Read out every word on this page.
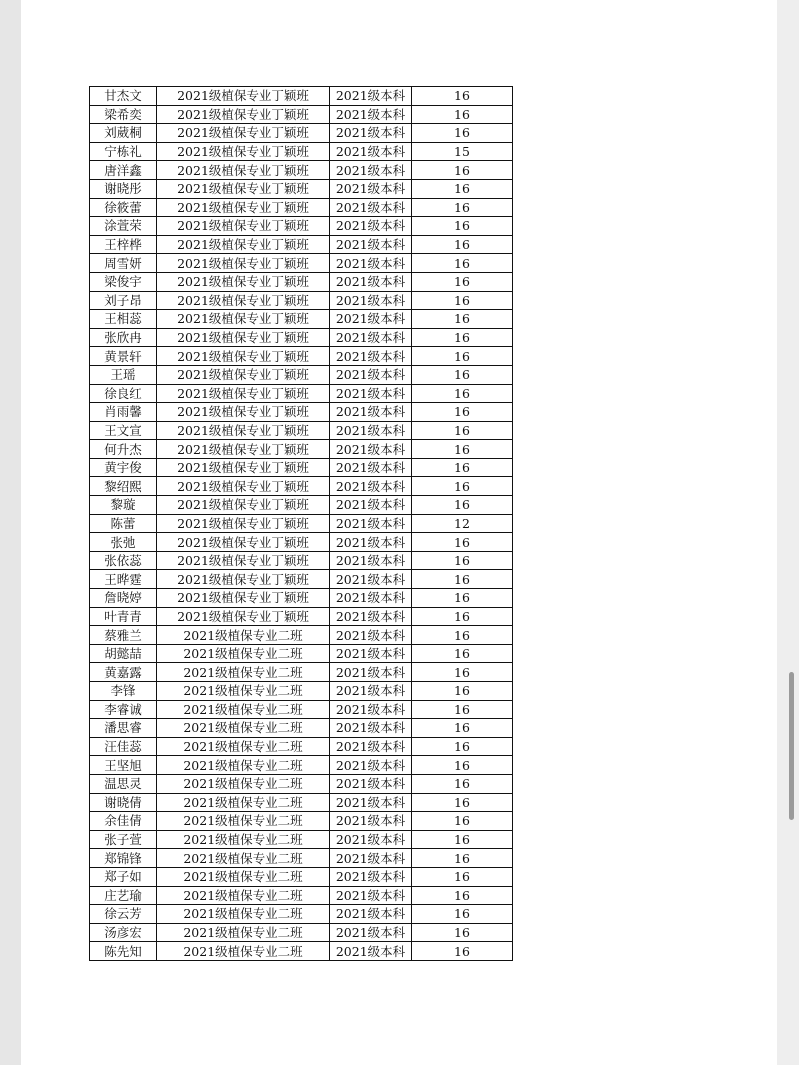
甘杰文	2021级植保专业丁颖班	2021级本科	16
梁希奕	2021级植保专业丁颖班	2021级本科	16
刘葳桐	2021级植保专业丁颖班	2021级本科	16
宁栋礼	2021级植保专业丁颖班	2021级本科	15
唐洋鑫	2021级植保专业丁颖班	2021级本科	16
谢晓彤	2021级植保专业丁颖班	2021级本科	16
徐筱蕾	2021级植保专业丁颖班	2021级本科	16
涂萱荣	2021级植保专业丁颖班	2021级本科	16
王梓桦	2021级植保专业丁颖班	2021级本科	16
周雪妍	2021级植保专业丁颖班	2021级本科	16
梁俊宇	2021级植保专业丁颖班	2021级本科	16
刘子昂	2021级植保专业丁颖班	2021级本科	16
王相蕊	2021级植保专业丁颖班	2021级本科	16
张欣冉	2021级植保专业丁颖班	2021级本科	16
黄景轩	2021级植保专业丁颖班	2021级本科	16
王瑶	2021级植保专业丁颖班	2021级本科	16
徐良红	2021级植保专业丁颖班	2021级本科	16
肖雨馨	2021级植保专业丁颖班	2021级本科	16
王文宣	2021级植保专业丁颖班	2021级本科	16
何升杰	2021级植保专业丁颖班	2021级本科	16
黄宇俊	2021级植保专业丁颖班	2021级本科	16
黎绍熙	2021级植保专业丁颖班	2021级本科	16
黎璇	2021级植保专业丁颖班	2021级本科	16
陈蕾	2021级植保专业丁颖班	2021级本科	12
张弛	2021级植保专业丁颖班	2021级本科	16
张依蕊	2021级植保专业丁颖班	2021级本科	16
王晔霆	2021级植保专业丁颖班	2021级本科	16
詹晓婷	2021级植保专业丁颖班	2021级本科	16
叶青青	2021级植保专业丁颖班	2021级本科	16
蔡雅兰	2021级植保专业二班	2021级本科	16
胡懿喆	2021级植保专业二班	2021级本科	16
黄嘉露	2021级植保专业二班	2021级本科	16
李锋	2021级植保专业二班	2021级本科	16
李睿诚	2021级植保专业二班	2021级本科	16
潘思睿	2021级植保专业二班	2021级本科	16
汪佳蕊	2021级植保专业二班	2021级本科	16
王坚旭	2021级植保专业二班	2021级本科	16
温思灵	2021级植保专业二班	2021级本科	16
谢晓倩	2021级植保专业二班	2021级本科	16
余佳倩	2021级植保专业二班	2021级本科	16
张子萱	2021级植保专业二班	2021级本科	16
郑锦锋	2021级植保专业二班	2021级本科	16
郑子如	2021级植保专业二班	2021级本科	16
庄艺瑜	2021级植保专业二班	2021级本科	16
徐云芳	2021级植保专业二班	2021级本科	16
汤彦宏	2021级植保专业二班	2021级本科	16
陈先知	2021级植保专业二班	2021级本科	16
